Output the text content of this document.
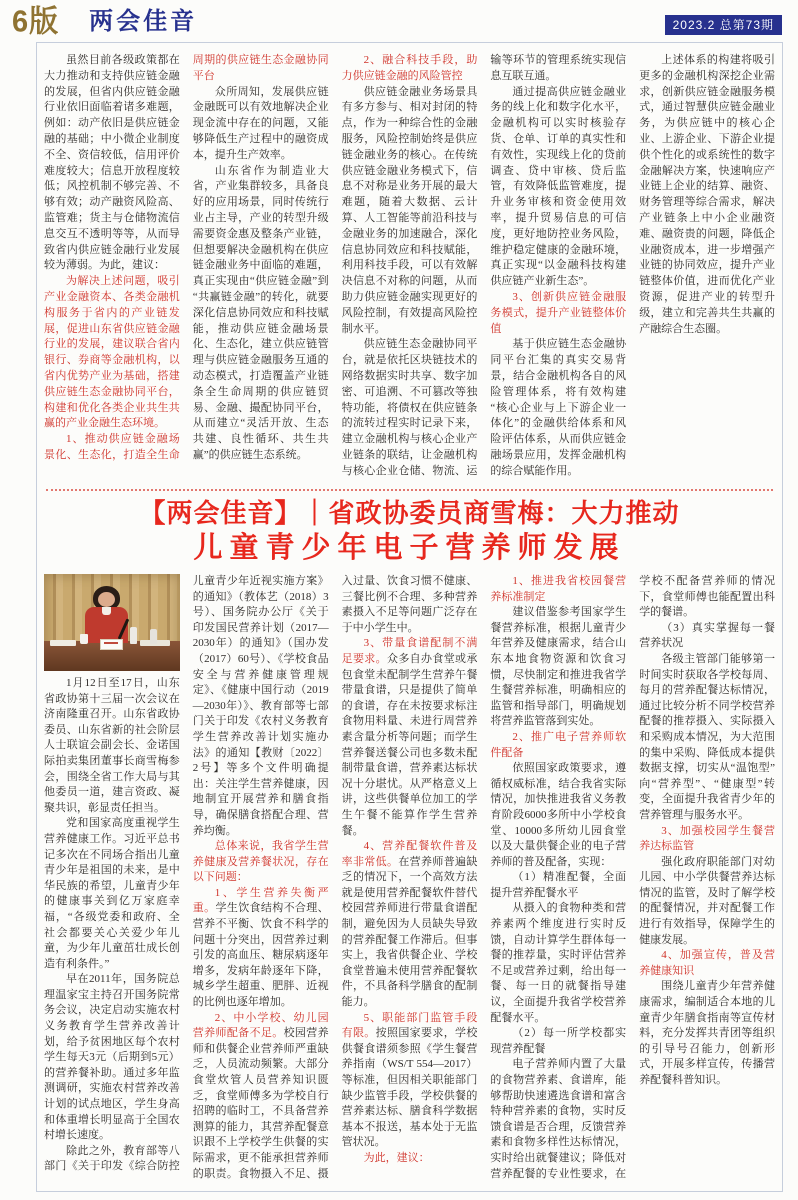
6版 两会佳音	2023.2 总第73期

虽然目前各级政策都在大力推动和支持供应链金融的发展，但省内供应链金融行业依旧面临着诸多难题，例如：动产依旧是供应链金融的基础；中小微企业制度不全、资信较低，信用评价难度较大；信息开放程度较低；风控机制不够完善、不够有效；动产融资风险高、监管难；货主与仓储物流信息交互不透明等等，从而导致省内供应链金融行业发展较为薄弱。为此，建议：

为解决上述问题，吸引产业金融资本、各类金融机构服务于省内的产业链发展，促进山东省供应链金融行业的发展，建议联合省内银行、券商等金融机构，以省内优势产业为基础，搭建供应链生态金融协同平台，构建和优化各类企业共生共赢的产业金融生态环境。

1、推动供应链金融场景化、生态化，打造全生命周期的供应链生态金融协同平台

众所周知，发展供应链金融既可以有效地解决企业现金流中存在的问题，又能够降低生产过程中的融资成本，提升生产效率。

山东省作为制造业大省，产业集群较多，具备良好的应用场景，同时传统行业占主导，产业的转型升级需要资金惠及整条产业链，但想要解决金融机构在供应链金融业务中面临的难题，真正实现由“供应链金融”到“共赢链金融”的转化，就要深化信息协同效应和科技赋能，推动供应链金融场景化、生态化，建立供应链管理与供应链金融服务互通的动态模式，打造覆盖产业链条全生命周期的供应链贸易、金融、撮配协同平台，从而建立“灵活开放、生态共建、良性循环、共生共赢”的供应链生态系统。

2、融合科技手段，助力供应链金融的风险管控

供应链金融业务场景具有多方参与、相对封闭的特点，作为一种综合性的金融服务，风险控制始终是供应链金融业务的核心。在传统供应链金融业务模式下，信息不对称是业务开展的最大难题，随着大数据、云计算、人工智能等前沿科技与金融业务的加速融合，深化信息协同效应和科技赋能，利用科技手段，可以有效解决信息不对称的问题，从而助力供应链金融实现更好的风险控制，有效提高风险控制水平。

供应链生态金融协同平台，就是依托区块链技术的网络数据实时共享、数字加密、可追溯、不可篡改等独特功能，将债权在供应链条的流转过程实时记录下来，建立金融机构与核心企业产业链条的联结，让金融机构与核心企业仓储、物流、运输等环节的管理系统实现信息互联互通。

通过提高供应链金融业务的线上化和数字化水平，金融机构可以实时核验存货、仓单、订单的真实性和有效性，实现线上化的贷前调查、贷中审核、贷后监管，有效降低监管难度，提升业务审核和资金使用效率，提升贸易信息的可信度，更好地防控业务风险，维护稳定健康的金融环境，真正实现“以金融科技构建供应链产业新生态”。

3、创新供应链金融服务模式，提升产业链整体价值

基于供应链生态金融协同平台汇集的真实交易背景，结合金融机构各自的风险管理体系，将有效构建“核心企业与上下游企业一体化”的金融供给体系和风险评估体系，从而供应链金融场景应用，发挥金融机构的综合赋能作用。

上述体系的构建将吸引更多的金融机构深挖企业需求，创新供应链金融服务模式，通过智慧供应链金融业务，为供应链中的核心企业、上游企业、下游企业提供个性化的或系统性的数字金融解决方案，快速响应产业链上企业的结算、融资、财务管理等综合需求，解决产业链条上中小企业融资难、融资贵的问题，降低企业融资成本，进一步增强产业链的协同效应，提升产业链整体价值，进而优化产业资源，促进产业的转型升级，建立和完善共生共赢的产融综合生态圈。

【两会佳音】｜省政协委员商雪梅：大力推动
儿童青少年电子营养师发展

1月12日至17日，山东省政协第十三届一次会议在济南隆重召开。山东省政协委员、山东省新的社会阶层人士联谊会副会长、金诺国际拍卖集团董事长商雪梅参会，围绕全省工作大局与其他委员一道，建言资政、凝聚共识，彰显责任担当。

党和国家高度重视学生营养健康工作。习近平总书记多次在不同场合指出儿童青少年是祖国的未来，是中华民族的希望，儿童青少年的健康事关到亿万家庭幸福，“各级党委和政府、全社会都要关心关爱少年儿童，为少年儿童茁壮成长创造有利条件。”

早在2011年，国务院总理温家宝主持召开国务院常务会议，决定启动实施农村义务教育学生营养改善计划，给予贫困地区每个农村学生每天3元（后期到5元）的营养餐补助。通过多年监测调研，实施农村营养改善计划的试点地区，学生身高和体重增长明显高于全国农村增长速度。

除此之外，教育部等八部门《关于印发《综合防控儿童青少年近视实施方案》的通知》（教体艺（2018）3号）、国务院办公厅《关于印发国民营养计划（2017—2030年）的通知》（国办发（2017）60号）、《学校食品安全与营养健康管理规定》、《健康中国行动（2019—2030年）》、教育部等七部门关于印发《农村义务教育学生营养改善计划实施办法》的通知【教财〔2022〕2号】等多个文件明确提出：关注学生营养健康，因地制宜开展营养和膳食指导，确保膳食搭配合理、营养均衡。

总体来说，我省学生营养健康及营养餐状况，存在以下问题：

1、学生营养失衡严重。学生饮食结构不合理、营养不平衡、饮食不科学的问题十分突出，因营养过剩引发的高血压、糖尿病逐年增多，发病年龄逐年下降，城乡学生超重、肥胖、近视的比例也逐年增加。

2、中小学校、幼儿园营养师配备不足。校园营养师和供餐企业营养师严重缺乏，人员流动频繁。大部分食堂炊管人员营养知识匮乏，食堂师傅多为学校自行招聘的临时工，不具备营养测算的能力，其营养配餐意识跟不上学校学生供餐的实际需求，更不能承担营养师的职责。食物摄入不足、摄入过量、饮食习惯不健康、三餐比例不合理、多种营养素摄入不足等问题广泛存在于中小学生中。

3、带量食谱配制不满足要求。众多自办食堂或承包食堂未配制学生营养午餐带量食谱，只是提供了简单的食谱，存在未按要求标注食物用料量、未进行周营养素含量分析等问题；而学生营养餐送餐公司也多数未配制带量食谱，营养素达标状况十分堪忧。从严格意义上讲，这些供餐单位加工的学生午餐不能算作学生营养餐。

4、营养配餐软件普及率非常低。在营养师普遍缺乏的情况下，一个高效方法就是使用营养配餐软件替代校园营养师进行带量食谱配制，避免因为人员缺失导致的营养配餐工作滞后。但事实上，我省供餐企业、学校食堂普遍未使用营养配餐软件，不具备科学膳食的配制能力。

5、职能部门监管手段有限。按照国家要求，学校供餐食谱须参照《学生餐营养指南（WS/T 554—2017）等标准，但因相关职能部门缺少监管手段，学校供餐的营养素达标、膳食科学数据基本不报送，基本处于无监管状况。

为此，建议：

1、推进我省校园餐营养标准制定

建议借鉴参考国家学生餐营养标准，根据儿童青少年营养及健康需求，结合山东本地食物资源和饮食习惯，尽快制定和推进我省学生餐营养标准，明确相应的监管和指导部门，明确规划将营养监管落到实处。

2、推广电子营养师软件配备

依照国家政策要求，遵循权威标准，结合我省实际情况，加快推进我省义务教育阶段6000多所中小学校食堂、10000多所幼儿园食堂以及大量供餐企业的电子营养师的普及配备，实现：

（1）精准配餐，全面提升营养配餐水平

从摄入的食物种类和营养素两个维度进行实时反馈，自动计算学生群体每一餐的推荐量，实时评估营养不足或营养过剩，给出每一餐、每一日的就餐指导建议，全面提升我省学校营养配餐水平。

（2）每一所学校都实现营养配餐

电子营养师内置了大量的食物营养素、食谱库，能够帮助快速遴选食谱和富含特种营养素的食物，实时反馈食谱是否合理，反馈营养素和食物多样性达标情况，实时给出就餐建议；降低对营养配餐的专业性要求，在学校不配备营养师的情况下，食堂师傅也能配置出科学的餐谱。

（3）真实掌握每一餐营养状况

各级主管部门能够第一时间实时获取各学校每周、每月的营养配餐达标情况，通过比较分析不同学校营养配餐的推荐摄入、实际摄入和采购成本情况，为大范围的集中采购、降低成本提供数据支撑，切实从“温饱型”向“营养型”、“健康型”转变，全面提升我省青少年的营养管理与服务水平。

3、加强校园学生餐营养达标监管

强化政府职能部门对幼儿园、中小学供餐营养达标情况的监管，及时了解学校的配餐情况，并对配餐工作进行有效指导，保障学生的健康发展。

4、加强宣传，普及营养健康知识

围绕儿童青少年营养健康需求，编制适合本地的儿童青少年膳食指南等宣传材料，充分发挥共青团等组织的引导号召能力，创新形式，开展多样宣传，传播营养配餐科普知识。
